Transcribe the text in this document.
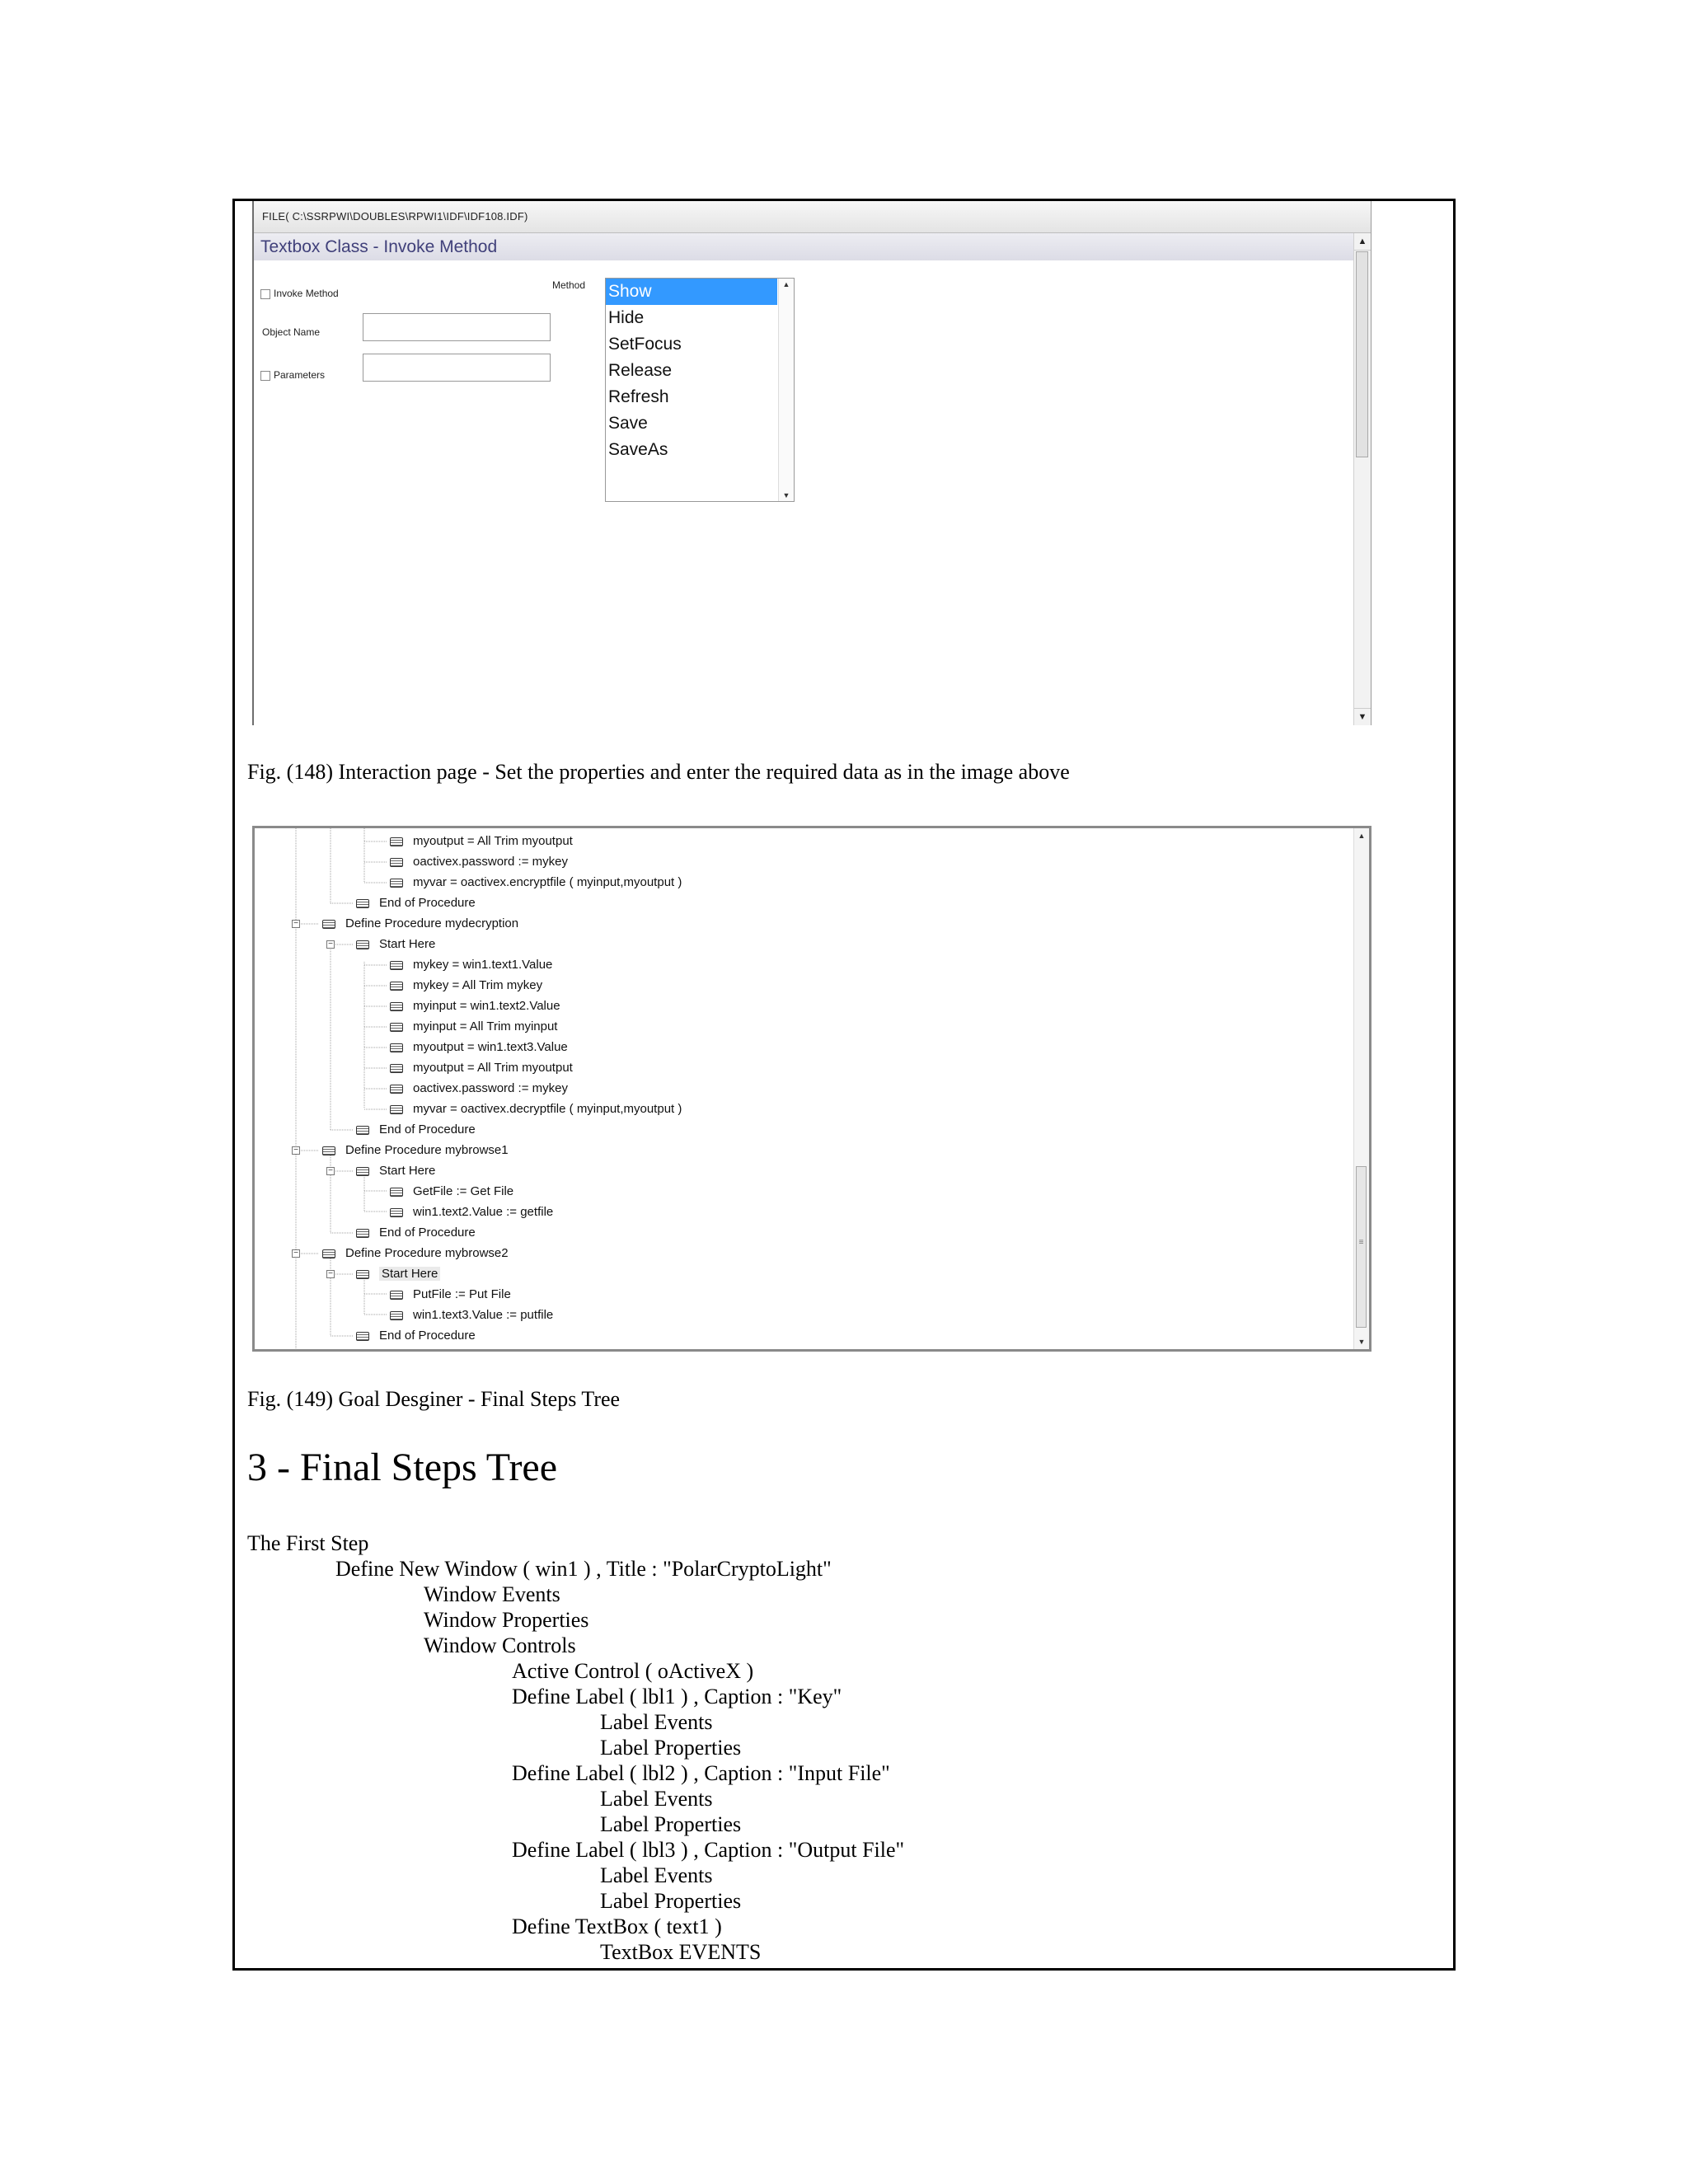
FILE( C:\SSRPWI\DOUBLES\RPWI1\IDF\IDF108.IDF)
Textbox Class - Invoke Method
Invoke Method
Object Name
Parameters
Method Show
Hide
SetFocus
Release
Refresh
Save
SaveAs
▲
▼
▲
▼
Fig. (148) Interaction page - Set the properties and enter the required data as in the image above
−
−
−
−
−
−
myoutput = All Trim myoutput
oactivex.password := mykey
myvar = oactivex.encryptfile ( myinput,myoutput )
End of Procedure
Define Procedure mydecryption
Start Here
mykey = win1.text1.Value
mykey = All Trim mykey
myinput = win1.text2.Value
myinput = All Trim myinput
myoutput = win1.text3.Value
myoutput = All Trim myoutput
oactivex.password := mykey
myvar = oactivex.decryptfile ( myinput,myoutput )
End of Procedure
Define Procedure mybrowse1
Start Here
GetFile := Get File
win1.text2.Value := getfile
End of Procedure
Define Procedure mybrowse2
Start Here
PutFile := Put File
win1.text3.Value := putfile
End of Procedure
▲
≡
▼
Fig. (149) Goal Desginer - Final Steps Tree
3 - Final Steps Tree
The First Step
Define New Window ( win1 ) , Title : "PolarCryptoLight"
Window Events
Window Properties
Window Controls
Active Control ( oActiveX )
Define Label ( lbl1 ) , Caption : "Key"
Label Events
Label Properties
Define Label ( lbl2 ) , Caption : "Input File"
Label Events
Label Properties
Define Label ( lbl3 ) , Caption : "Output File"
Label Events
Label Properties
Define TextBox ( text1 )
TextBox EVENTS
